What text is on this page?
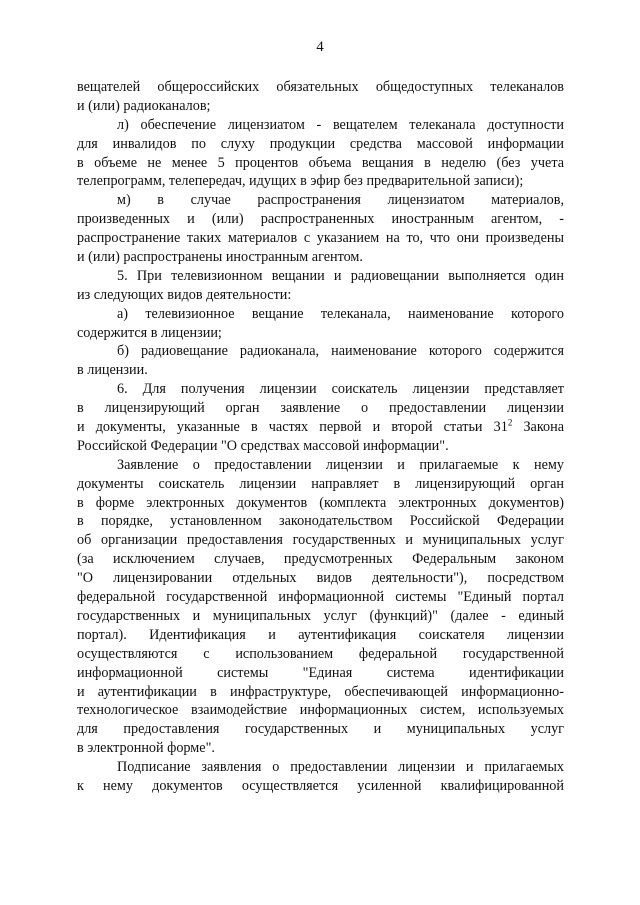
4
вещателей общероссийских обязательных общедоступных телеканалов
и (или) радиоканалов;
л) обеспечение лицензиатом - вещателем телеканала доступности
для инвалидов по слуху продукции средства массовой информации
в объеме не менее 5 процентов объема вещания в неделю (без учета
телепрограмм, телепередач, идущих в эфир без предварительной записи);
м) в случае распространения лицензиатом материалов,
произведенных и (или) распространенных иностранным агентом, -
распространение таких материалов с указанием на то, что они произведены
и (или) распространены иностранным агентом.
5. При телевизионном вещании и радиовещании выполняется один
из следующих видов деятельности:
а) телевизионное вещание телеканала, наименование которого
содержится в лицензии;
б) радиовещание радиоканала, наименование которого содержится
в лицензии.
6. Для получения лицензии соискатель лицензии представляет
в лицензирующий орган заявление о предоставлении лицензии
и документы, указанные в частях первой и второй статьи $31^2$ Закона
Российской Федерации "О средствах массовой информации".
Заявление о предоставлении лицензии и прилагаемые к нему
документы соискатель лицензии направляет в лицензирующий орган
в форме электронных документов (комплекта электронных документов)
в порядке, установленном законодательством Российской Федерации
об организации предоставления государственных и муниципальных услуг
(за исключением случаев, предусмотренных Федеральным законом
"О лицензировании отдельных видов деятельности"), посредством
федеральной государственной информационной системы "Единый портал
государственных и муниципальных услуг (функций)" (далее - единый
портал). Идентификация и аутентификация соискателя лицензии
осуществляются с использованием федеральной государственной
информационной системы "Единая система идентификации
и аутентификации в инфраструктуре, обеспечивающей информационно-
технологическое взаимодействие информационных систем, используемых
для предоставления государственных и муниципальных услуг
в электронной форме".
Подписание заявления о предоставлении лицензии и прилагаемых
к нему документов осуществляется усиленной квалифицированной
